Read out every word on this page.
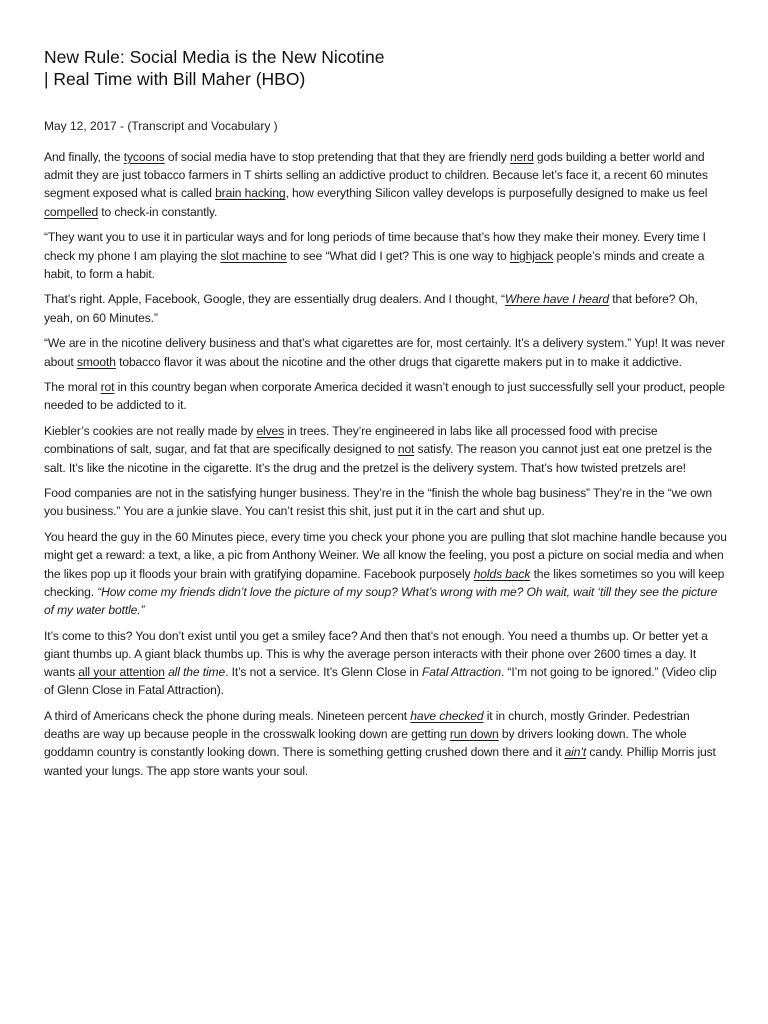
New Rule: Social Media is the New Nicotine
| Real Time with Bill Maher (HBO)

May 12, 2017 - (Transcript and Vocabulary )

And finally, the tycoons of social media have to stop pretending that that they are friendly nerd gods building a better world and admit they are just tobacco farmers in T shirts selling an addictive product to children. Because let’s face it, a recent 60 minutes segment exposed what is called brain hacking, how everything Silicon valley develops is purposefully designed to make us feel compelled to check-in constantly.

“They want you to use it in particular ways and for long periods of time because that’s how they make their money. Every time I check my phone I am playing the slot machine to see “What did I get? This is one way to highjack people’s minds and create a habit, to form a habit.

That’s right. Apple, Facebook, Google, they are essentially drug dealers. And I thought, “Where have I heard that before? Oh, yeah, on 60 Minutes.”

“We are in the nicotine delivery business and that’s what cigarettes are for, most certainly. It’s a delivery system.” Yup! It was never about smooth tobacco flavor it was about the nicotine and the other drugs that cigarette makers put in to make it addictive.

The moral rot in this country began when corporate America decided it wasn’t enough to just successfully sell your product, people needed to be addicted to it.

Kiebler’s cookies are not really made by elves in trees. They’re engineered in labs like all processed food with precise combinations of salt, sugar, and fat that are specifically designed to not satisfy. The reason you cannot just eat one pretzel is the salt. It’s like the nicotine in the cigarette. It’s the drug and the pretzel is the delivery system. That’s how twisted pretzels are!

Food companies are not in the satisfying hunger business. They’re in the “finish the whole bag business” They’re in the “we own you business.” You are a junkie slave. You can’t resist this shit, just put it in the cart and shut up.

You heard the guy in the 60 Minutes piece, every time you check your phone you are pulling that slot machine handle because you might get a reward: a text, a like, a pic from Anthony Weiner. We all know the feeling, you post a picture on social media and when the likes pop up it floods your brain with gratifying dopamine. Facebook purposely holds back the likes sometimes so you will keep checking. “How come my friends didn’t love the picture of my soup? What’s wrong with me? Oh wait, wait ‘till they see the picture of my water bottle.”

It’s come to this? You don’t exist until you get a smiley face? And then that’s not enough. You need a thumbs up. Or better yet a giant thumbs up. A giant black thumbs up. This is why the average person interacts with their phone over 2600 times a day. It wants all your attention all the time. It’s not a service. It’s Glenn Close in Fatal Attraction. “I’m not going to be ignored.” (Video clip of Glenn Close in Fatal Attraction).

A third of Americans check the phone during meals. Nineteen percent have checked it in church, mostly Grinder. Pedestrian deaths are way up because people in the crosswalk looking down are getting run down by drivers looking down. The whole goddamn country is constantly looking down. There is something getting crushed down there and it ain’t candy. Phillip Morris just wanted your lungs. The app store wants your soul.
